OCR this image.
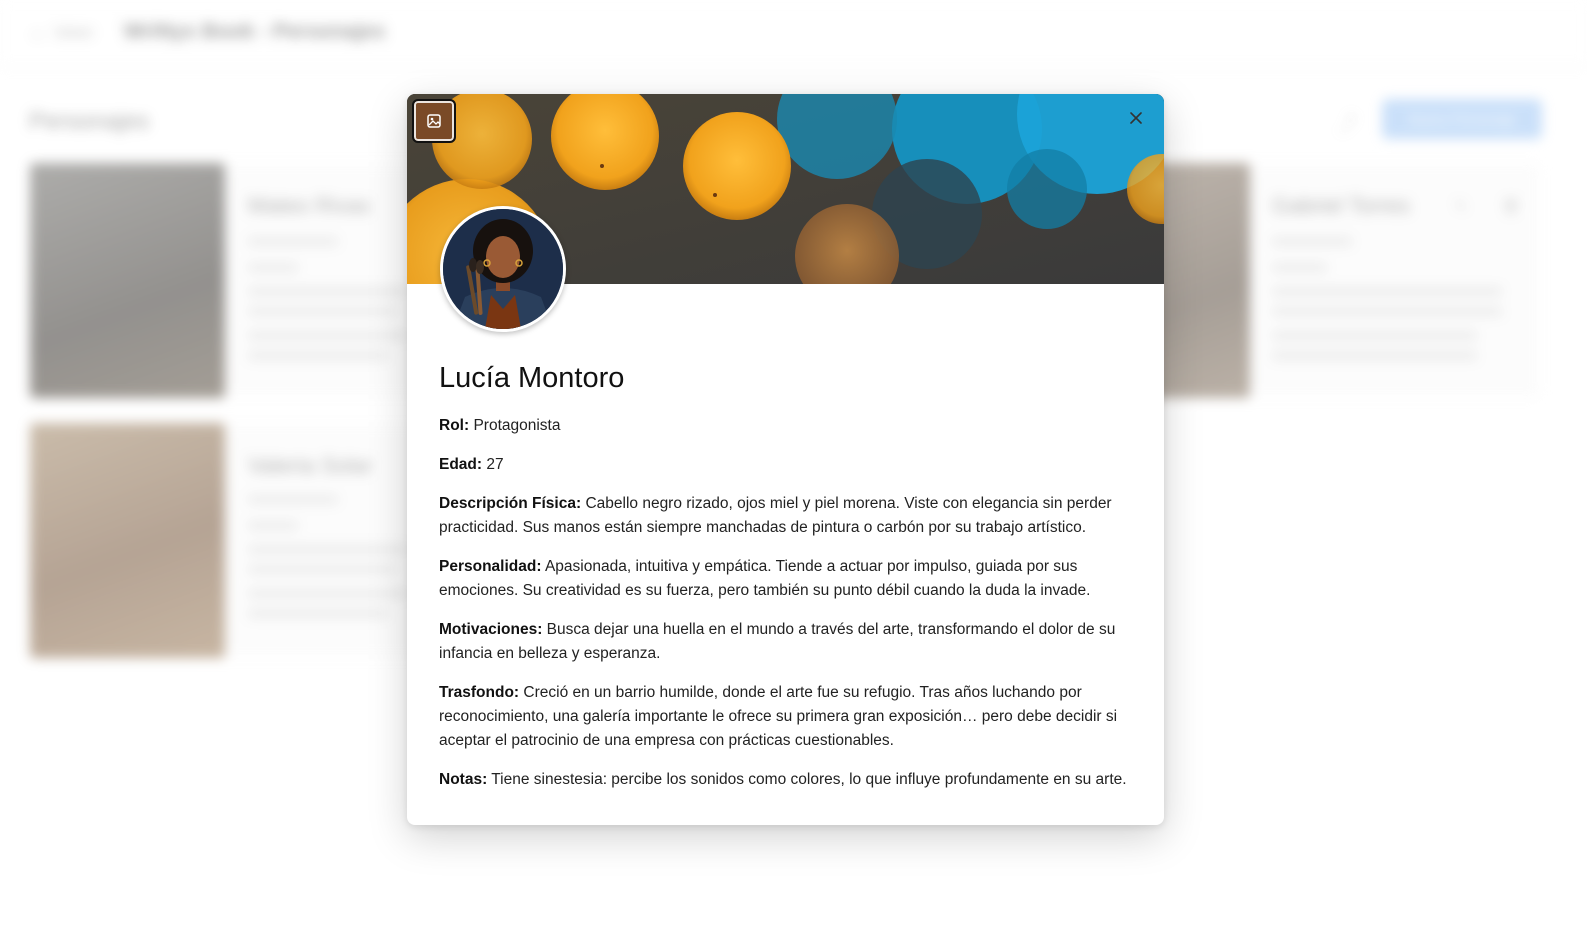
← Volver WriNyx Book - Personajes
Personajes	⤴	Nuevo Personaje
Mateo Rivas
Valeria Solar
Gabriel Torres	✎	🗑
Lucía Montoro

Rol: Protagonista

Edad: 27

Descripción Física: Cabello negro rizado, ojos miel y piel morena. Viste con elegancia sin perder practicidad. Sus manos están siempre manchadas de pintura o carbón por su trabajo artístico.

Personalidad: Apasionada, intuitiva y empática. Tiende a actuar por impulso, guiada por sus emociones. Su creatividad es su fuerza, pero también su punto débil cuando la duda la invade.

Motivaciones: Busca dejar una huella en el mundo a través del arte, transformando el dolor de su infancia en belleza y esperanza.

Trasfondo: Creció en un barrio humilde, donde el arte fue su refugio. Tras años luchando por reconocimiento, una galería importante le ofrece su primera gran exposición… pero debe decidir si aceptar el patrocinio de una empresa con prácticas cuestionables.

Notas: Tiene sinestesia: percibe los sonidos como colores, lo que influye profundamente en su arte.
